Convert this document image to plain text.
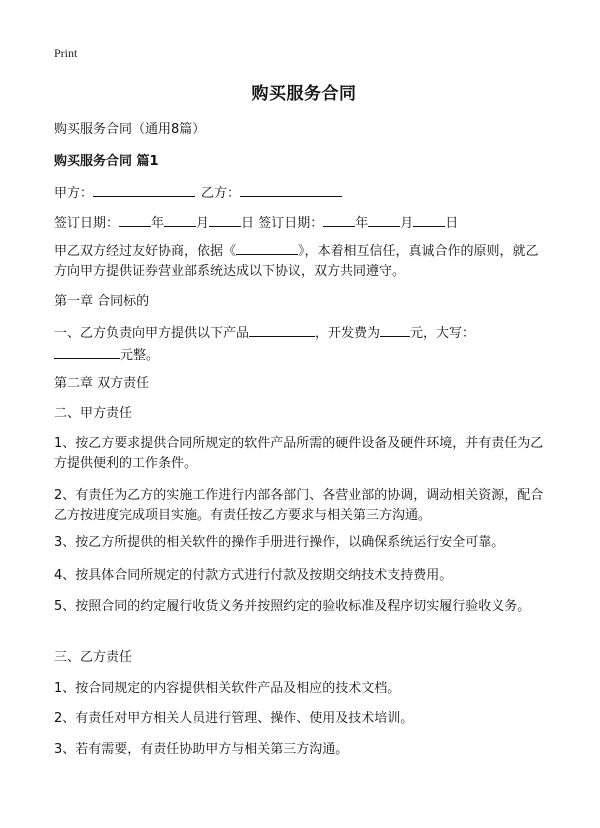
Print
购买服务合同
购买服务合同（通用8篇）
购买服务合同 篇1
甲方：	乙方：
签订日期： 年 月 日 签订日期： 年 月 日
甲乙双方经过友好协商，依据《	》，本着相互信任，真诚合作的原则，就乙方向甲方提供证券营业部系统达成以下协议，双方共同遵守。
第一章 合同标的
一、乙方负责向甲方提供以下产品	，开发费为 元，大写：
元整。
第二章 双方责任
二、甲方责任
1、按乙方要求提供合同所规定的软件产品所需的硬件设备及硬件环境，并有责任为乙方提供便利的工作条件。
2、有责任为乙方的实施工作进行内部各部门、各营业部的协调，调动相关资源，配合乙方按进度完成项目实施。有责任按乙方要求与相关第三方沟通。
3、按乙方所提供的相关软件的操作手册进行操作，以确保系统运行安全可靠。
4、按具体合同所规定的付款方式进行付款及按期交纳技术支持费用。
5、按照合同的约定履行收货义务并按照约定的验收标准及程序切实履行验收义务。
三、乙方责任
1、按合同规定的内容提供相关软件产品及相应的技术文档。
2、有责任对甲方相关人员进行管理、操作、使用及技术培训。
3、若有需要，有责任协助甲方与相关第三方沟通。
